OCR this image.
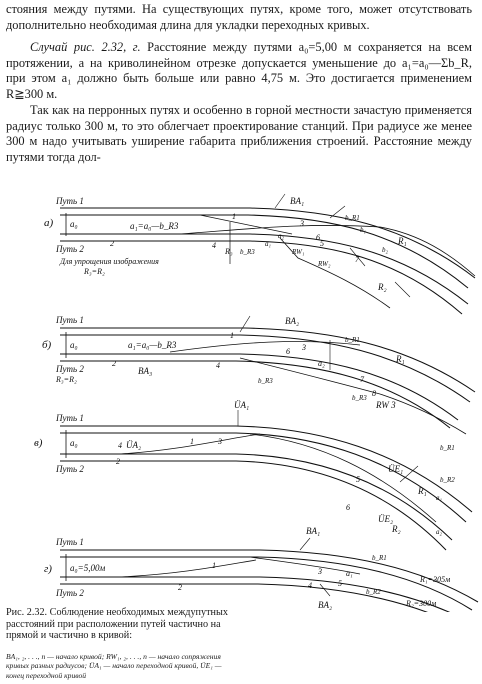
стояния между путями. На существующих путях, кроме того, может отсутствовать дополнительно необходимая длина для укладки переходных кривых.

Случай рис. 2.32, г. Расстояние между путями a₀=5,00 м сохраняется на всем протяжении, а на криволинейном отрезке допускается уменьшение до a₁=a₀—Σb_R, при этом a₁ должно быть больше или равно 4,75 м. Это достигается применением R≧300 м.

Так как на перронных путях и особенно в горной местности зачастую применяется радиус только 300 м, то это облегчает проектирование станций. При радиусе же менее 300 м надо учитывать уширение габарита приближения строений. Расстояние между путями тогда дол-

Путь 1
Путь 2
a) a₀
Для упрощения изображения
R₃=R₂
a₁=a₀—b_R3
BA₁
b_R1
R₁
b_R3
a₁
a₂
RW₁
RW₂
R₃
R₂
b₁
b₂
1
2
3
4	5
6
7
Путь 1
Путь 2
б) a₀
R₃=R₂
a₁=a₀—b_R3
BA₂
b_R1
R₁
a₂
BA₃
b_R3
RW 3
b_R3
1
2
3
4
6
7
8
Путь 1
Путь 2
в)	a₀
ÜA₁
ÜA₂
ÜE₁
ÜE₂
b_R1
b_R2
a₁
a₂
R₁
R₂
1
2
3
4
5
6
Путь 1
Путь 2
г) a₀=5,00м
BA₁
BA₂
b_R1
b_R2
a₁
R₁=305м
R₂=300м
1
2
3
4	5

Рис. 2.32. Соблюдение необходимых междупутных расстояний при расположении путей частично на прямой и частично в кривой:

BA₁, ₂, . . ., n — начало кривой; RW₁, ₂, . . ., n — начало сопряжения кривых разных радиусов; ÜA₁ — начало переходной кривой, ÜE₁ — конец переходной кривой
